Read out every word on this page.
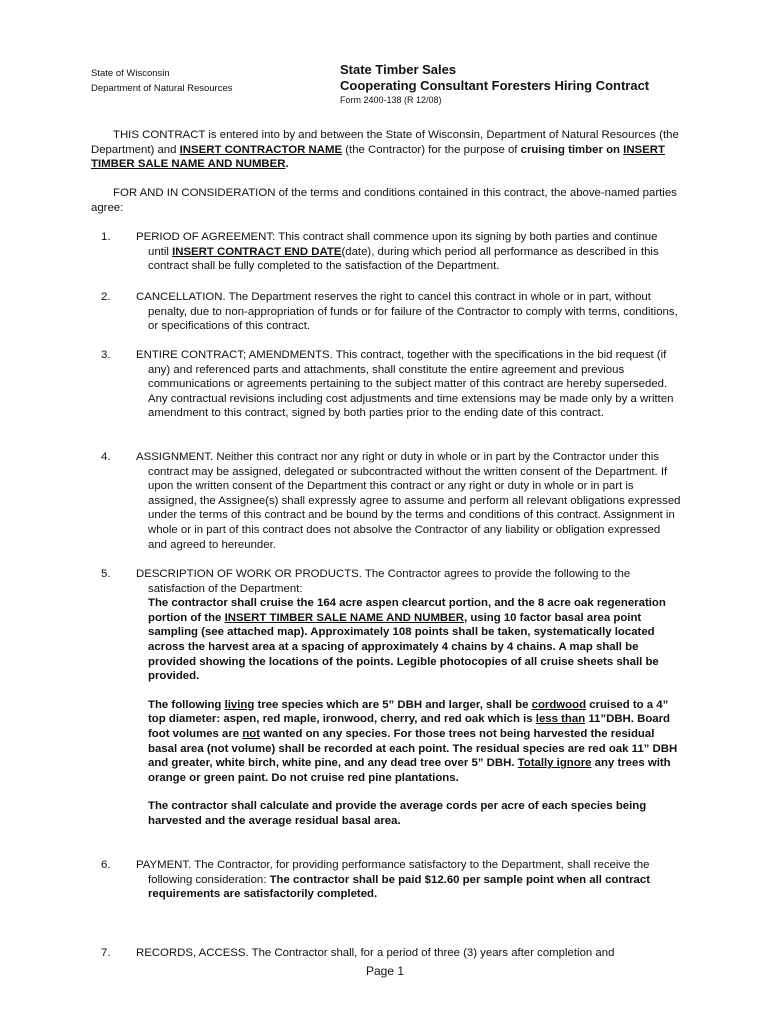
State of Wisconsin
Department of Natural Resources
State Timber Sales
Cooperating Consultant Foresters Hiring Contract
Form 2400-138 (R 12/08)

THIS CONTRACT is entered into by and between the State of Wisconsin, Department of Natural Resources (the Department) and INSERT CONTRACTOR NAME (the Contractor) for the purpose of cruising timber on INSERT TIMBER SALE NAME AND NUMBER.

FOR AND IN CONSIDERATION of the terms and conditions contained in this contract, the above-named parties agree:

1. PERIOD OF AGREEMENT: This contract shall commence upon its signing by both parties and continue until INSERT CONTRACT END DATE(date), during which period all performance as described in this contract shall be fully completed to the satisfaction of the Department.

2. CANCELLATION. The Department reserves the right to cancel this contract in whole or in part, without penalty, due to non-appropriation of funds or for failure of the Contractor to comply with terms, conditions, or specifications of this contract.

3. ENTIRE CONTRACT; AMENDMENTS. This contract, together with the specifications in the bid request (if any) and referenced parts and attachments, shall constitute the entire agreement and previous communications or agreements pertaining to the subject matter of this contract are hereby superseded. Any contractual revisions including cost adjustments and time extensions may be made only by a written amendment to this contract, signed by both parties prior to the ending date of this contract.

4. ASSIGNMENT. Neither this contract nor any right or duty in whole or in part by the Contractor under this contract may be assigned, delegated or subcontracted without the written consent of the Department. If upon the written consent of the Department this contract or any right or duty in whole or in part is assigned, the Assignee(s) shall expressly agree to assume and perform all relevant obligations expressed under the terms of this contract and be bound by the terms and conditions of this contract. Assignment in whole or in part of this contract does not absolve the Contractor of any liability or obligation expressed and agreed to hereunder.

5. DESCRIPTION OF WORK OR PRODUCTS. The Contractor agrees to provide the following to the satisfaction of the Department:

The contractor shall cruise the 164 acre aspen clearcut portion, and the 8 acre oak regeneration portion of the INSERT TIMBER SALE NAME AND NUMBER, using 10 factor basal area point sampling (see attached map). Approximately 108 points shall be taken, systematically located across the harvest area at a spacing of approximately 4 chains by 4 chains. A map shall be provided showing the locations of the points. Legible photocopies of all cruise sheets shall be provided.

The following living tree species which are 5” DBH and larger, shall be cordwood cruised to a 4” top diameter: aspen, red maple, ironwood, cherry, and red oak which is less than 11”DBH. Board foot volumes are not wanted on any species. For those trees not being harvested the residual basal area (not volume) shall be recorded at each point. The residual species are red oak 11” DBH and greater, white birch, white pine, and any dead tree over 5” DBH. Totally ignore any trees with orange or green paint. Do not cruise red pine plantations.

The contractor shall calculate and provide the average cords per acre of each species being harvested and the average residual basal area.

6. PAYMENT. The Contractor, for providing performance satisfactory to the Department, shall receive the following consideration: The contractor shall be paid $12.60 per sample point when all contract requirements are satisfactorily completed.

7. RECORDS, ACCESS. The Contractor shall, for a period of three (3) years after completion and

Page 1
